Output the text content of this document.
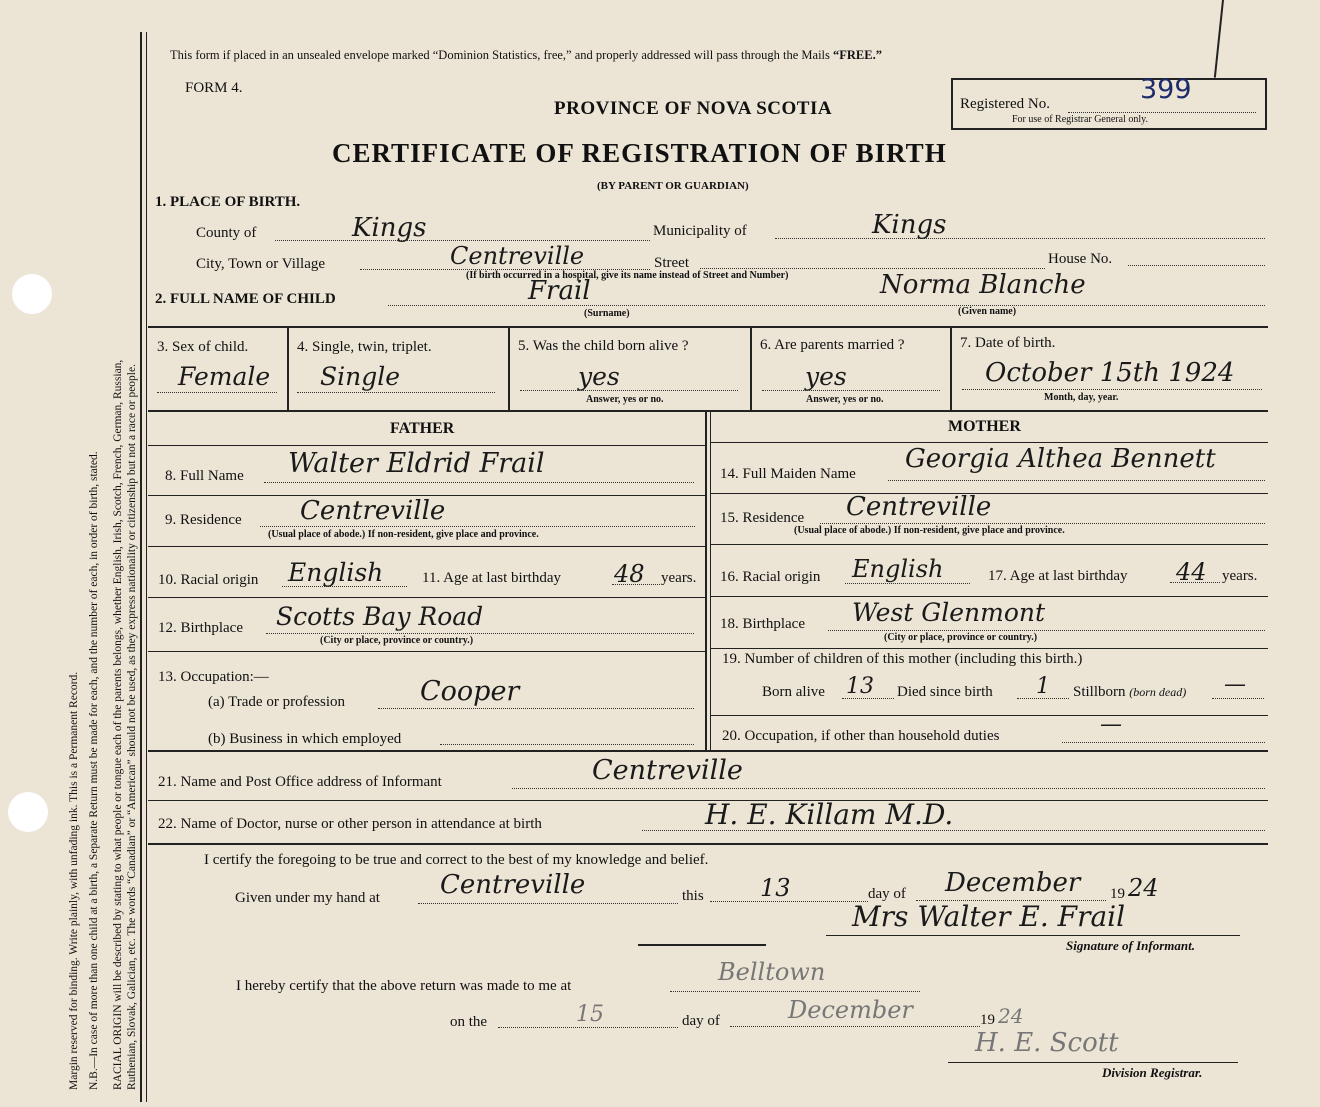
Margin reserved for binding. Write plainly, with unfading ink. This is a Permanent Record. N.B.—In case of more than one child at a birth, a Separate Return must be made for each, and the number of each, in order of birth, stated. RACIAL ORIGIN will be described by stating to what people or tongue each of the parents belongs, whether English, Irish, Scotch, French, German, Russian, Ruthenian, Slovak, Galician, etc. The words “Canadian” or “American” should not be used, as they express nationality or citizenship but not a race or people.
This form if placed in an unsealed envelope marked “Dominion Statistics, free,” and properly addressed will pass through the Mails “FREE.”
FORM 4.
PROVINCE OF NOVA SCOTIA
CERTIFICATE OF REGISTRATION OF BIRTH
(BY PARENT OR GUARDIAN)
Registered No.	399
For use of Registrar General only.
1. PLACE OF BIRTH.
County of	Kings	Municipality of	Kings
City, Town or Village	Centreville	Street	House No.
(If birth occurred in a hospital, give its name instead of Street and Number)
2. FULL NAME OF CHILD	Frail
(Surname)
Norma Blanche
(Given name)
3. Sex of child.
Female
4. Single, twin, triplet.
Single
5. Was the child born alive ?
yes
Answer, yes or no.
6. Are parents married ?
yes
Answer, yes or no.
7. Date of birth.
October 15th 1924
Month, day, year.
FATHER
8. Full Name Walter Eldrid Frail
9. Residence Centreville
(Usual place of abode.) If non-resident, give place and province.
10. Racial origin English	11. Age at last birthday 48 years.
12. Birthplace Scotts Bay Road
(City or place, province or country.)
13. Occupation:—
(a) Trade or profession	Cooper
(b) Business in which employed
MOTHER
14. Full Maiden Name Georgia Althea Bennett
15. Residence Centreville
(Usual place of abode.) If non-resident, give place and province.
16. Racial origin English	17. Age at last birthday 44 years.
18. Birthplace West Glenmont
(City or place, province or country.)
19. Number of children of this mother (including this birth.)
Born alive 13 Died since birth 1 Stillborn (born dead) —
20. Occupation, if other than household duties	—
21. Name and Post Office address of Informant	Centreville
22. Name of Doctor, nurse or other person in attendance at birth	H. E. Killam M.D.
I certify the foregoing to be true and correct to the best of my knowledge and belief.
Given under my hand at Centreville	this 13	day of December 19 24
Mrs Walter E. Frail
Signature of Informant.
I hereby certify that the above return was made to me at	Belltown
on the	15	day of	December	19 24
H. E. Scott
Division Registrar.
